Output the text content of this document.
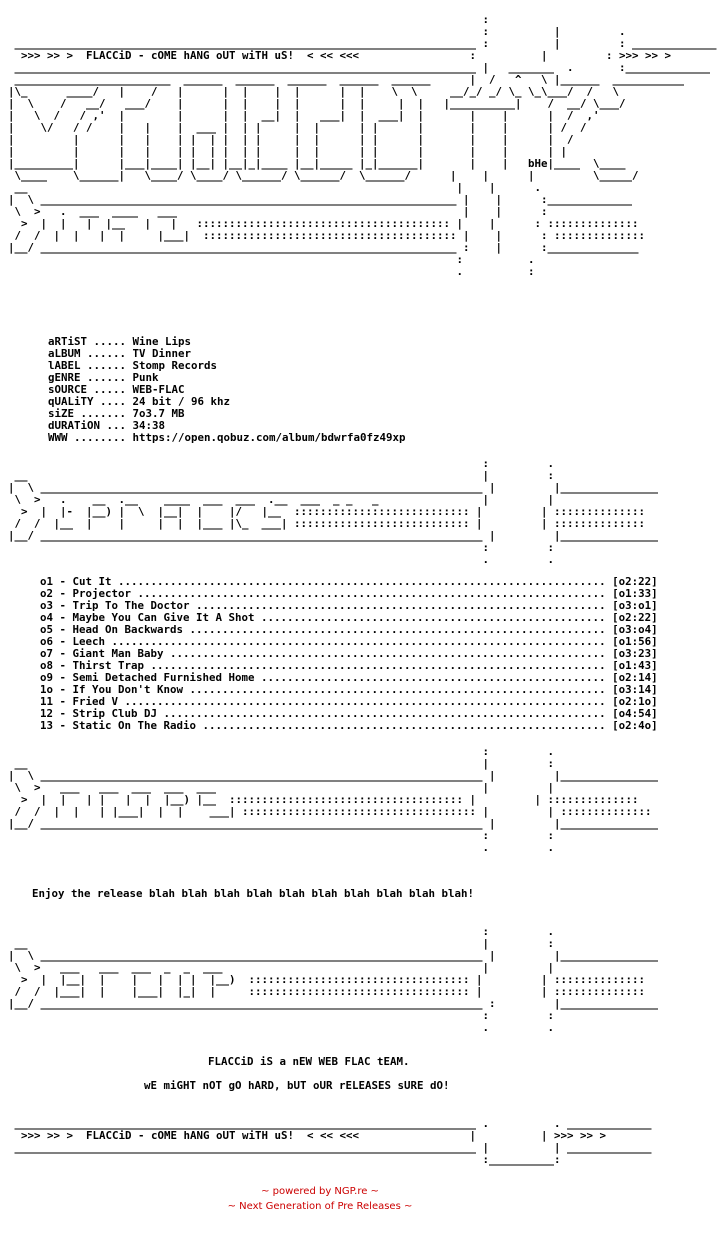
:
:          |         .
_______________________________________________________________________ :          |         : _____________
>>> >> >  FLACCiD - cOME hANG oUT wiTH uS!  < << <<<                 :          |         : >>> >> >
_______________________________________________________________________ |   _______  .       :_____________
________________________  ______  ______  ______  ______  ______      |  /   ^   \ |______  ___________
|\_      ____/   |    /   |      |  |    |  |      |  |    \  \     __/_/ _/ \_ \_\___/  /   \
|  \    /   __/   ___/    |      |  |    |  |      |  |     |  |   |__________|    /  __/ \___/
|   \  /   / ,'  |        |      |  |  __|  |   ___|  |  ___|  |       |    |      |  /  ,'
|    \/   / /    |   |    |  ___ |  | |     |  |      | |      |       |    |      | /  /
|         |      |   |    | |  | |  | |     |  |      | |      |       |    |      |  /
|         |      |   |    | |  | |  | |     |  |      | |      |       |    |      | |
|_________|      |___|____| |__| |__|_|____ |__|_____ |_|______|       |    |   bHe|____  \____
\____    \______|   \____/ \____/ \______/ \______/  \______/      |    |      |         \_____/
__                                                                  |    |      .
|  \ ________________________________________________________________ |    |      :_____________
\  >   .  ___  ____   ___                                            |    |      :
>  |  |   |  |__   |   |   ::::::::::::::::::::::::::::::::::::::: |    |      : ::::::::::::::
/  /  |  |   |  |     |___|  ::::::::::::::::::::::::::::::::::::::: |    |      : ::::::::::::::
|__/ ________________________________________________________________ :    |      :______________
:          .
.          :
aRTiST ..... Wine Lips
aLBUM ...... TV Dinner
lABEL ...... Stomp Records
gENRE ...... Punk
sOURCE ..... WEB-FLAC
qUALiTY .... 24 bit / 96 khz
siZE ....... 7o3.7 MB
dURATiON ... 34:38
WWW ........ https://open.qobuz.com/album/bdwrfa0fz49xp
:         .
__                                                                      |         :
|  \ ____________________________________________________________________ |         |_______________
\  >   .    __  .__    ____  ___  ___  .__  ___  _ _   _                |         |
>  |  |-  |__) |  \  |__|  |    |/   |__  ::::::::::::::::::::::::::: |         | ::::::::::::::
/  /  |__  |    |     |  |  |___ |\_  ___| ::::::::::::::::::::::::::: |         | ::::::::::::::
|__/ ____________________________________________________________________ |         |_______________
:         :
.         .
o1 - Cut It ........................................................................... [o2:22]
o2 - Projector ........................................................................ [o1:33]
o3 - Trip To The Doctor ............................................................... [o3:o1]
o4 - Maybe You Can Give It A Shot ..................................................... [o2:22]
o5 - Head On Backwards ................................................................ [o3:o4]
o6 - Leech ............................................................................ [o1:56]
o7 - Giant Man Baby ................................................................... [o3:23]
o8 - Thirst Trap ...................................................................... [o1:43]
o9 - Semi Detached Furnished Home ..................................................... [o2:14]
1o - If You Don't Know ................................................................ [o3:14]
11 - Fried V .......................................................................... [o2:1o]
12 - Strip Club DJ .................................................................... [o4:54]
13 - Static On The Radio .............................................................. [o2:4o]
:         .
__                                                                      |         :
|  \ ____________________________________________________________________ |         |_______________
\  >   ___   ___  ___  ___  ___                                         |         |
>  |  |   | |   |  |  |__) |__  :::::::::::::::::::::::::::::::::::: |         | ::::::::::::::
/  /  |  |   | |___|  |  |    ___| :::::::::::::::::::::::::::::::::::: |         | ::::::::::::::
|__/ ____________________________________________________________________ |         |_______________
:         :
.         .
Enjoy the release blah blah blah blah blah blah blah blah blah blah!
:         .
__                                                                      |         :
|  \ ____________________________________________________________________ |         |_______________
\  >   ___   ___  ___  _  _  ___                                        |         |
>  |  |__|  |    |   |  | |  |__)  :::::::::::::::::::::::::::::::::: |         | ::::::::::::::
/  /  |___|  |    |___|  |_|  |     :::::::::::::::::::::::::::::::::: |         | ::::::::::::::
|__/ ____________________________________________________________________ :         |_______________
:         :
.         .
FLACCiD iS a nEW WEB FLAC tEAM.
wE miGHT nOT gO hARD, bUT oUR rELEASES sURE dO!
_______________________________________________________________________ .          . _____________
>>> >> >  FLACCiD - cOME hANG oUT wiTH uS!  < << <<<                 |          | >>> >> >
_______________________________________________________________________ |          | _____________
:__________:
~ powered by NGP.re ~
~ Next Generation of Pre Releases ~
